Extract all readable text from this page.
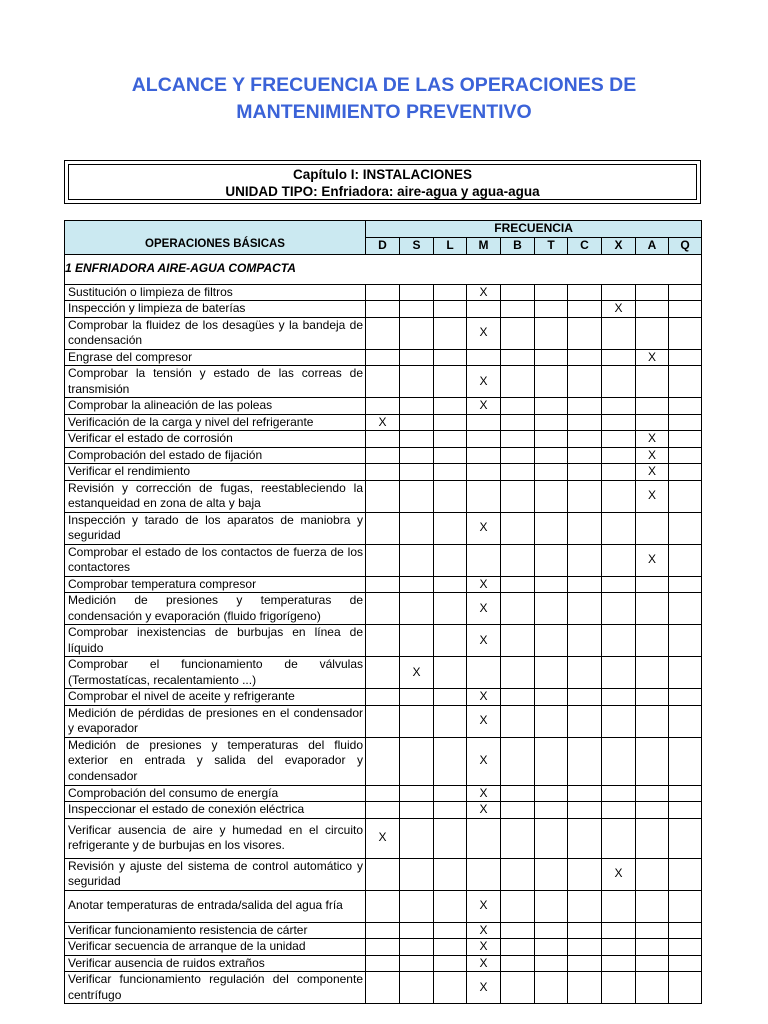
ALCANCE Y FRECUENCIA DE LAS OPERACIONES DE
MANTENIMIENTO PREVENTIVO
Capítulo I: INSTALACIONES
UNIDAD TIPO: Enfriadora: aire-agua y agua-agua
OPERACIONES BÁSICAS	FRECUENCIA									
	D	S	L	M	B	T	C	X	A	Q
1 ENFRIADORA AIRE-AGUA COMPACTA										
Sustitución o limpieza de filtros				X						
Inspección y limpieza de baterías								X		
Comprobar la fluidez de los desagües y la bandeja de condensación				X						
Engrase del compresor									X	
Comprobar la tensión y estado de las correas de transmisión				X						
Comprobar la alineación de las poleas				X						
Verificación de la carga y nivel del refrigerante	X									
Verificar el estado de corrosión									X	
Comprobación del estado de fijación									X	
Verificar el rendimiento									X	
Revisión y corrección de fugas, reestableciendo la estanqueidad en zona de alta y baja									X	
Inspección y tarado de los aparatos de maniobra y seguridad				X						
Comprobar el estado de los contactos de fuerza de los contactores									X	
Comprobar temperatura compresor				X						
Medición de presiones y temperaturas de condensación y evaporación (fluido frigorígeno)				X						
Comprobar inexistencias de burbujas en línea de líquido				X						
Comprobar el funcionamiento de válvulas (Termostatícas, recalentamiento ...)		X								
Comprobar el nivel de aceite y refrigerante				X						
Medición de pérdidas de presiones en el condensador y evaporador				X						
Medición de presiones y temperaturas del fluido exterior en entrada y salida del evaporador y condensador				X						
Comprobación del consumo de energía				X						
Inspeccionar el estado de conexión eléctrica				X						
Verificar ausencia de aire y humedad en el circuito refrigerante y de burbujas en los visores.	X									
Revisión y ajuste del sistema de control automático y seguridad								X		
Anotar temperaturas de entrada/salida del agua fría				X						
Verificar funcionamiento resistencia de cárter				X						
Verificar secuencia de arranque de la unidad				X						
Verificar ausencia de ruidos extraños				X						
Verificar funcionamiento regulación del componente centrífugo				X						
